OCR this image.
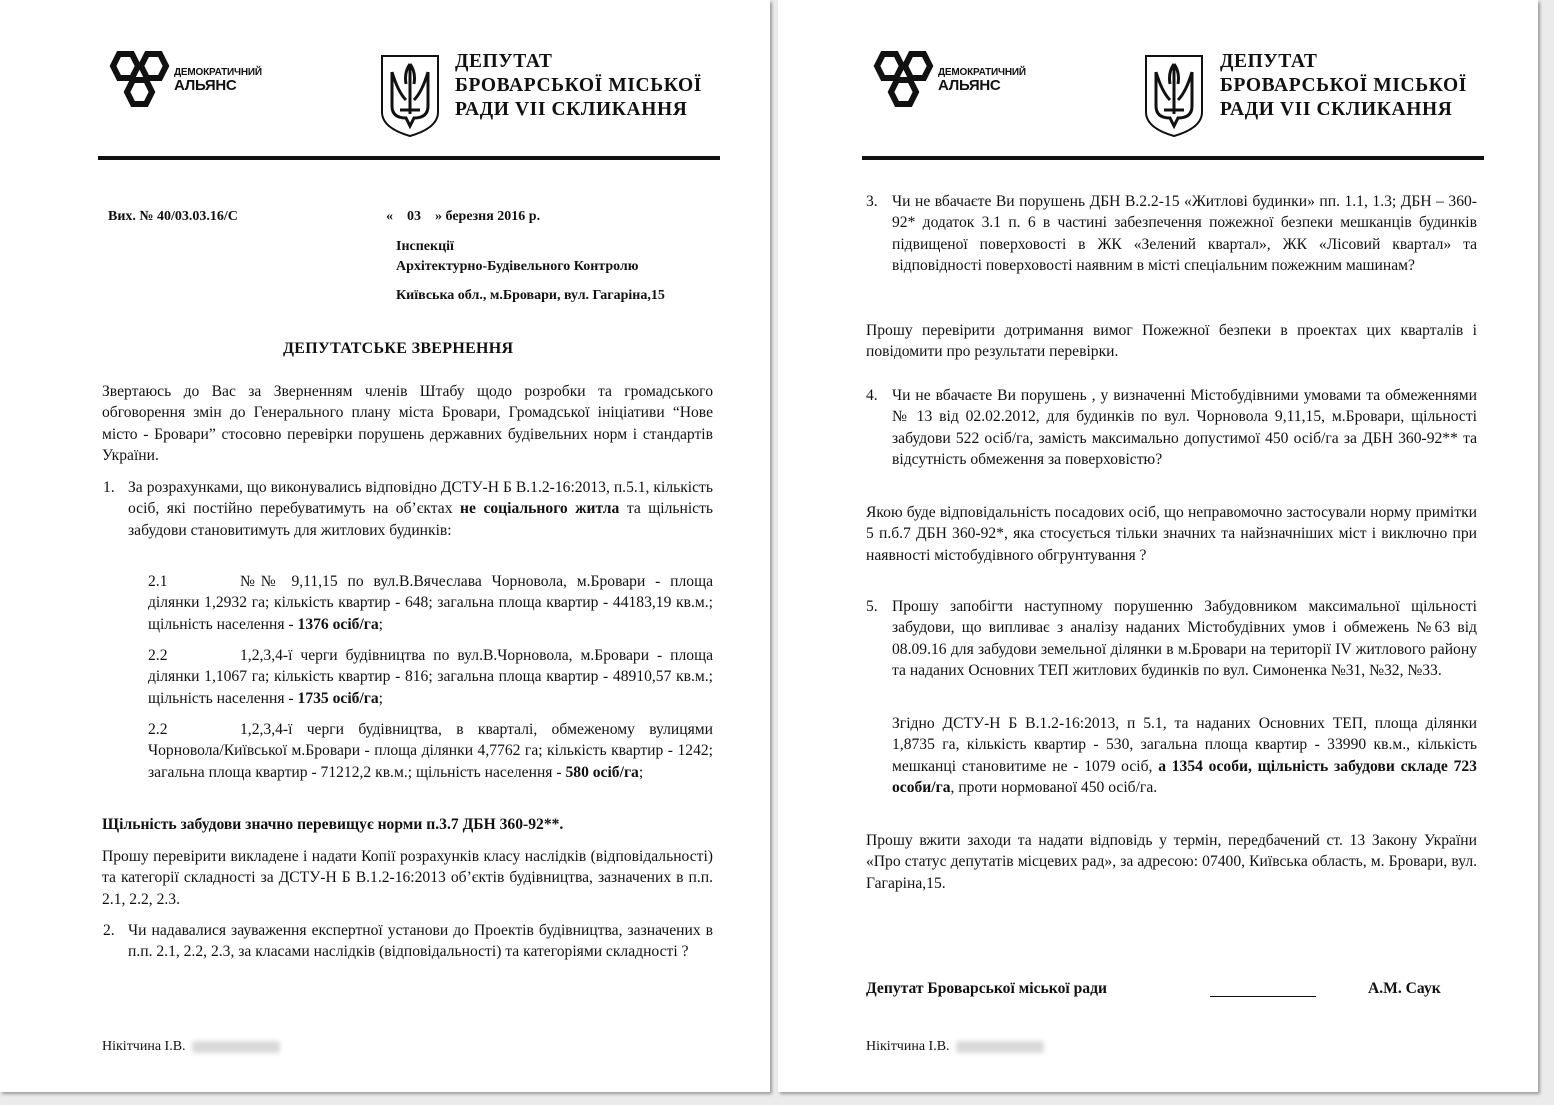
ДЕМОКРАТИЧНИЙ
АЛЬЯНС
ДЕПУТАТ
БРОВАРСЬКОЇ МІСЬКОЇ
РАДИ VII СКЛИКАННЯ
Вих. № 40/03.03.16/С	«    03    » березня 2016 р.
Інспекції
Архітектурно-Будівельного Контролю
Київська обл., м.Бровари, вул. Гагаріна,15
ДЕПУТАТСЬКЕ ЗВЕРНЕННЯ
Звертаюсь до Вас за Зверненням членів Штабу щодо розробки та громадського обговорення змін до Генерального плану міста Бровари, Громадської ініціативи “Нове місто - Бровари” стосовно перевірки порушень державних будівельних норм і стандартів України.
1. За розрахунками, що виконувались відповідно ДСТУ-Н Б В.1.2-16:2013, п.5.1, кількість осіб, які постійно перебуватимуть на об’єктах не соціального житла та щільність забудови становитимуть для житлових будинків:
2.1	№№ 9,11,15 по вул.В.Вячеслава Чорновола, м.Бровари - площа ділянки 1,2932 га; кількість квартир - 648; загальна площа квартир - 44183,19 кв.м.; щільність населення - 1376 осіб/га;
2.2	1,2,3,4-ї черги будівництва по вул.В.Чорновола, м.Бровари - площа ділянки 1,1067 га; кількість квартир - 816; загальна площа квартир - 48910,57 кв.м.; щільність населення - 1735 осіб/га;
2.2	1,2,3,4-ї черги будівництва, в кварталі, обмеженому вулицями Чорновола/Київської м.Бровари - площа ділянки 4,7762 га; кількість квартир - 1242; загальна площа квартир - 71212,2 кв.м.; щільність населення - 580 осіб/га;
Щільність забудови значно перевищує норми п.3.7 ДБН 360-92**.
Прошу перевірити викладене і надати Копії розрахунків класу наслідків (відповідальності) та категорії складності за ДСТУ-Н Б В.1.2-16:2013 об’єктів будівництва, зазначених в п.п. 2.1, 2.2, 2.3.
2. Чи надавалися зауваження експертної установи до Проектів будівництва, зазначених в п.п. 2.1, 2.2, 2.3, за класами наслідків (відповідальності) та категоріями складності ?
Нікітчина І.В.
ДЕМОКРАТИЧНИЙ
АЛЬЯНС
ДЕПУТАТ
БРОВАРСЬКОЇ МІСЬКОЇ
РАДИ VII СКЛИКАННЯ
3. Чи не вбачаєте Ви порушень ДБН В.2.2-15 «Житлові будинки» пп. 1.1, 1.3; ДБН – 360-92* додаток 3.1 п. 6 в частині забезпечення пожежної безпеки мешканців будинків підвищеної поверховості в ЖК «Зелений квартал», ЖК «Лісовий квартал» та відповідності поверховості наявним в місті спеціальним пожежним машинам?
Прошу перевірити дотримання вимог Пожежної безпеки в проектах цих кварталів і повідомити про результати перевірки.
4. Чи не вбачаєте Ви порушень , у визначенні Містобудівними умовами та обмеженнями № 13 від 02.02.2012, для будинків по вул. Чорновола 9,11,15, м.Бровари, щільності забудови 522 осіб/га, замість максимально допустимої 450 осіб/га за ДБН 360-92** та відсутність обмеження за поверховістю?
Якою буде відповідальність посадових осіб, що неправомочно застосували норму примітки 5 п.б.7 ДБН 360-92*, яка стосується тільки значних та найзначніших міст і виключно при наявності містобудівного обгрунтування ?
5. Прошу запобігти наступному порушенню Забудовником максимальної щільності забудови, що випливає з аналізу наданих Містобудівних умов і обмежень №63 від 08.09.16 для забудови земельної ділянки в м.Бровари на території IV житлового району та наданих Основних ТЕП житлових будинків по вул. Симоненка №31, №32, №33.
Згідно ДСТУ-Н Б В.1.2-16:2013, п 5.1, та наданих Основних ТЕП, площа ділянки 1,8735 га, кількість квартир - 530, загальна площа квартир - 33990 кв.м., кількість мешканці становитиме не - 1079 осіб, а 1354 особи, щільність забудови складе 723 особи/га, проти нормованої 450 осіб/га.
Прошу вжити заходи та надати відповідь у термін, передбачений ст. 13 Закону України «Про статус депутатів місцевих рад», за адресою: 07400, Київська область, м. Бровари, вул. Гагаріна,15.
Депутат Броварської міської ради	А.М. Саук
Нікітчина І.В.
